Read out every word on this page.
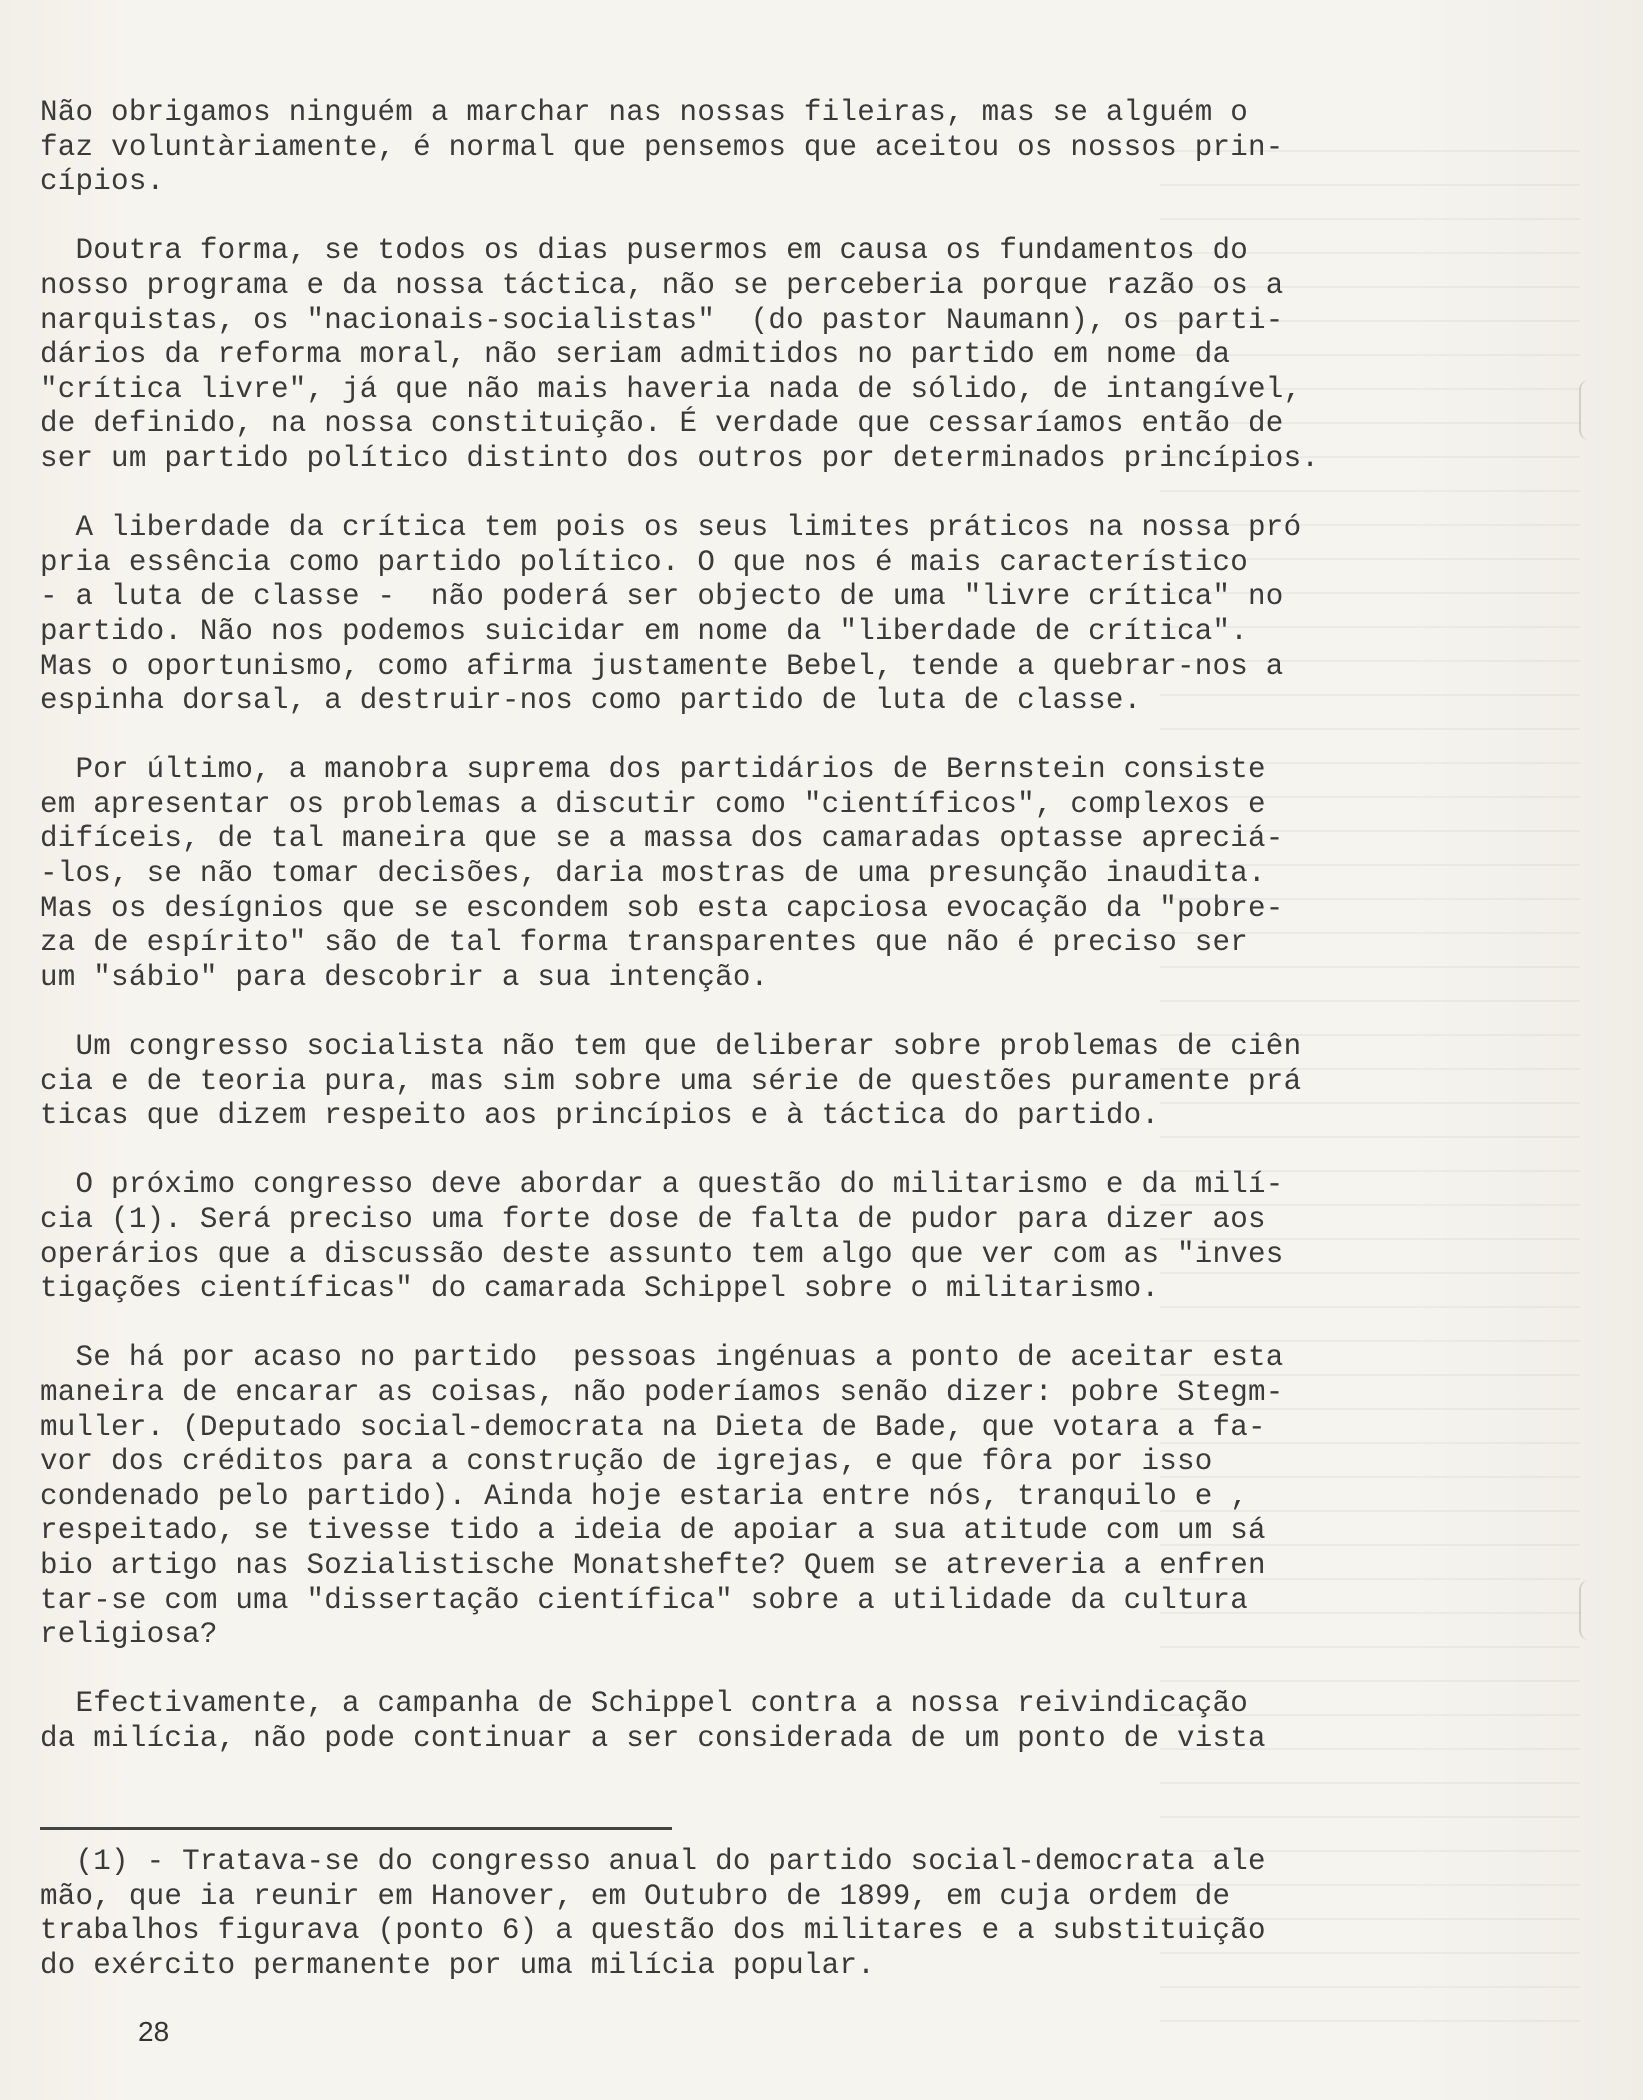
Não obrigamos ninguém a marchar nas nossas fileiras, mas se alguém o
faz voluntàriamente, é normal que pensemos que aceitou os nossos prin-
cípios.
Doutra forma, se todos os dias pusermos em causa os fundamentos do
nosso programa e da nossa táctica, não se perceberia porque razão os a
narquistas, os "nacionais-socialistas"  (do pastor Naumann), os parti-
dários da reforma moral, não seriam admitidos no partido em nome da
"crítica livre", já que não mais haveria nada de sólido, de intangível,
de definido, na nossa constituição. É verdade que cessaríamos então de
ser um partido político distinto dos outros por determinados princípios.
A liberdade da crítica tem pois os seus limites práticos na nossa pró
pria essência como partido político. O que nos é mais característico
- a luta de classe -  não poderá ser objecto de uma "livre crítica" no
partido. Não nos podemos suicidar em nome da "liberdade de crítica".
Mas o oportunismo, como afirma justamente Bebel, tende a quebrar-nos a
espinha dorsal, a destruir-nos como partido de luta de classe.
Por último, a manobra suprema dos partidários de Bernstein consiste
em apresentar os problemas a discutir como "científicos", complexos e
difíceis, de tal maneira que se a massa dos camaradas optasse apreciá-
-los, se não tomar decisões, daria mostras de uma presunção inaudita.
Mas os desígnios que se escondem sob esta capciosa evocação da "pobre-
za de espírito" são de tal forma transparentes que não é preciso ser
um "sábio" para descobrir a sua intenção.
Um congresso socialista não tem que deliberar sobre problemas de ciên
cia e de teoria pura, mas sim sobre uma série de questões puramente prá
ticas que dizem respeito aos princípios e à táctica do partido.
O próximo congresso deve abordar a questão do militarismo e da milí-
cia (1). Será preciso uma forte dose de falta de pudor para dizer aos
operários que a discussão deste assunto tem algo que ver com as "inves
tigações científicas" do camarada Schippel sobre o militarismo.
Se há por acaso no partido  pessoas ingénuas a ponto de aceitar esta
maneira de encarar as coisas, não poderíamos senão dizer: pobre Stegm-
muller. (Deputado social-democrata na Dieta de Bade, que votara a fa-
vor dos créditos para a construção de igrejas, e que fôra por isso
condenado pelo partido). Ainda hoje estaria entre nós, tranquilo e ,
respeitado, se tivesse tido a ideia de apoiar a sua atitude com um sá
bio artigo nas Sozialistische Monatshefte? Quem se atreveria a enfren
tar-se com uma "dissertação científica" sobre a utilidade da cultura
religiosa?
Efectivamente, a campanha de Schippel contra a nossa reivindicação
da milícia, não pode continuar a ser considerada de um ponto de vista
(1) - Tratava-se do congresso anual do partido social-democrata ale
mão, que ia reunir em Hanover, em Outubro de 1899, em cuja ordem de
trabalhos figurava (ponto 6) a questão dos militares e a substituição
do exército permanente por uma milícia popular.
28
